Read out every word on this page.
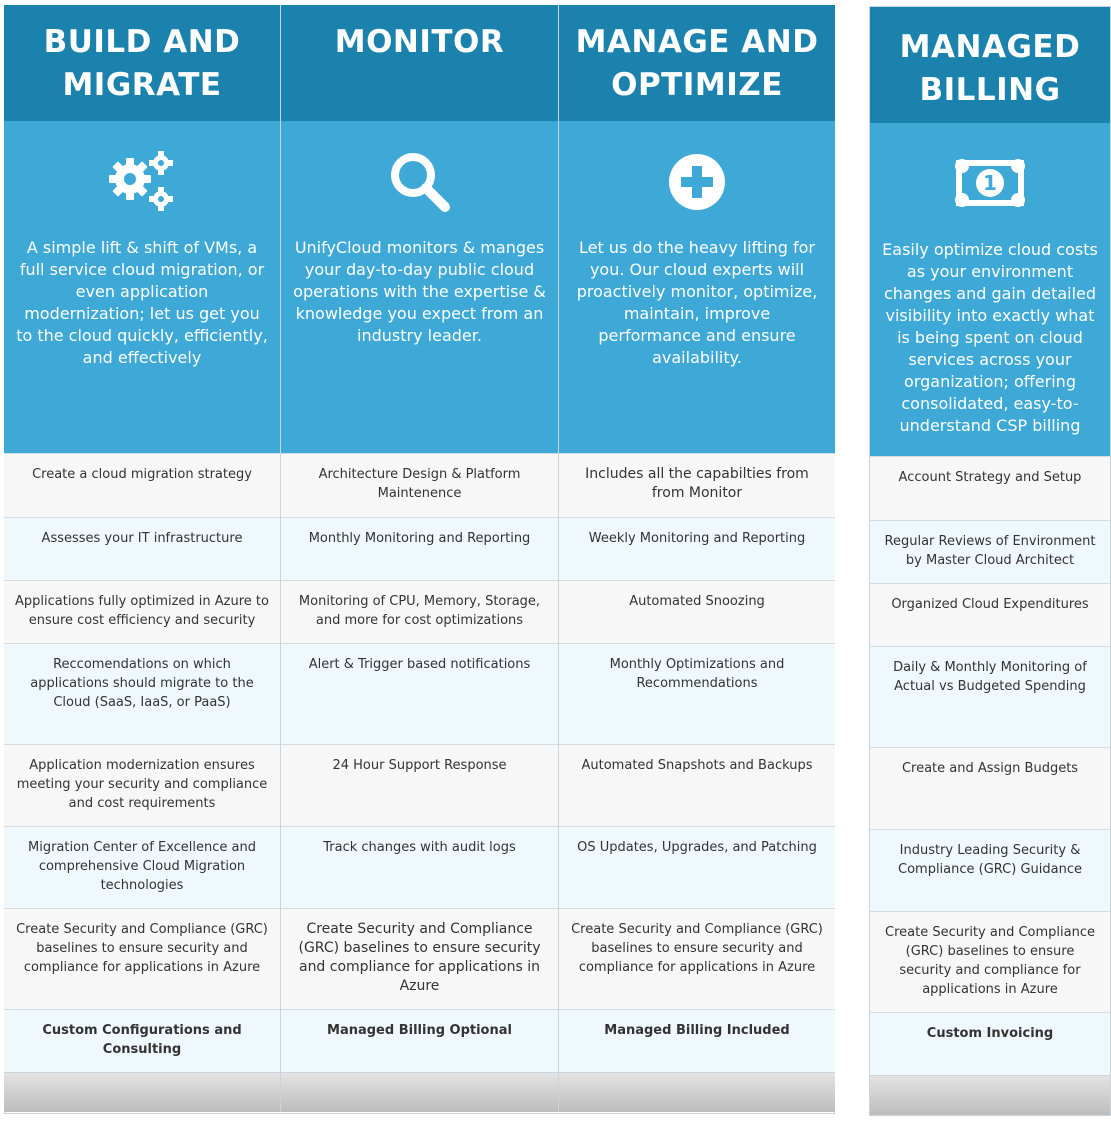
BUILD AND MIGRATE
A simple lift & shift of VMs, a full service cloud migration, or even application modernization; let us get you to the cloud quickly, efficiently, and effectively
Create a cloud migration strategy
Assesses your IT infrastructure
Applications fully optimized in Azure to ensure cost efficiency and security
Reccomendations on which applications should migrate to the Cloud (SaaS, IaaS, or PaaS)
Application modernization ensures meeting your security and compliance and cost requirements
Migration Center of Excellence and comprehensive Cloud Migration technologies
Create Security and Compliance (GRC) baselines to ensure security and compliance for applications in Azure
Custom Configurations and Consulting
MONITOR
UnifyCloud monitors & manges your day-to-day public cloud operations with the expertise & knowledge you expect from an industry leader.
Architecture Design & Platform Maintenence
Monthly Monitoring and Reporting
Monitoring of CPU, Memory, Storage, and more for cost optimizations
Alert & Trigger based notifications
24 Hour Support Response
Track changes with audit logs
Create Security and Compliance (GRC) baselines to ensure security and compliance for applications in Azure
Managed Billing Optional
MANAGE AND OPTIMIZE
Let us do the heavy lifting for you. Our cloud experts will proactively monitor, optimize, maintain, improve performance and ensure availability.
Includes all the capabilties from from Monitor
Weekly Monitoring and Reporting
Automated Snoozing
Monthly Optimizations and Recommendations
Automated Snapshots and Backups
OS Updates, Upgrades, and Patching
Create Security and Compliance (GRC) baselines to ensure security and compliance for applications in Azure
Managed Billing Included
MANAGED BILLING
1
Easily optimize cloud costs as your environment changes and gain detailed visibility into exactly what is being spent on cloud services across your organization; offering consolidated, easy-to-understand CSP billing
Account Strategy and Setup
Regular Reviews of Environment by Master Cloud Architect
Organized Cloud Expenditures
Daily & Monthly Monitoring of Actual vs Budgeted Spending
Create and Assign Budgets
Industry Leading Security & Compliance (GRC) Guidance
Create Security and Compliance (GRC) baselines to ensure security and compliance for applications in Azure
Custom Invoicing
